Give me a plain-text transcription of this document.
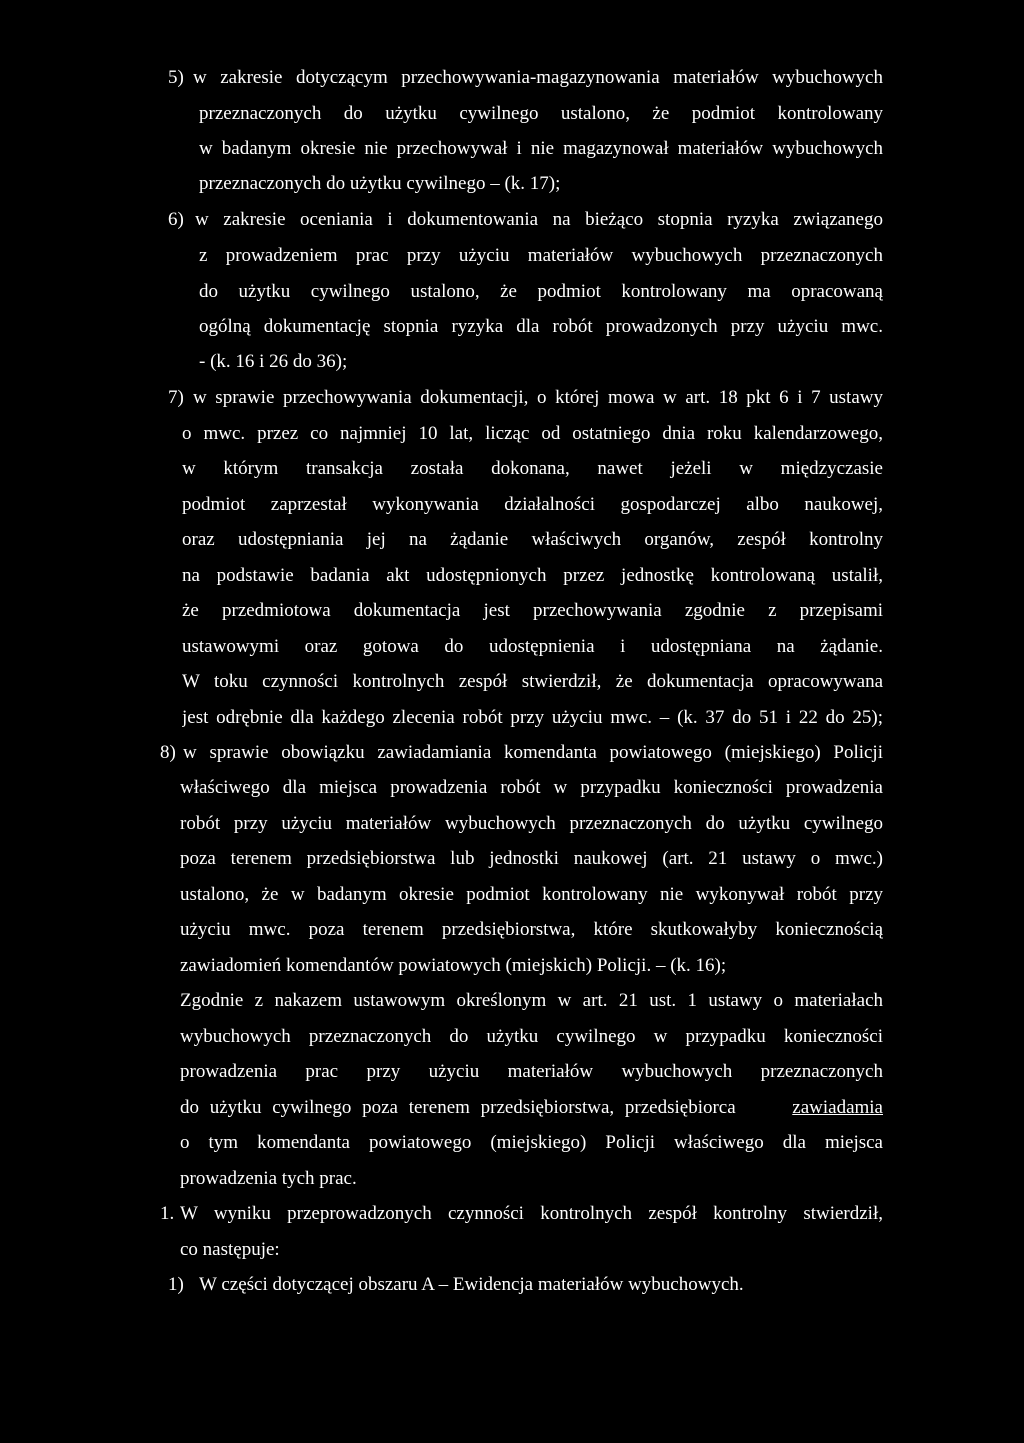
5) w zakresie dotyczącym przechowywania-magazynowania materiałów wybuchowych
przeznaczonych do użytku cywilnego ustalono, że podmiot kontrolowany
w badanym okresie nie przechowywał i nie magazynował materiałów wybuchowych
przeznaczonych do użytku cywilnego – (k. 17);
6) w zakresie oceniania i dokumentowania na bieżąco stopnia ryzyka związanego
z prowadzeniem prac przy użyciu materiałów wybuchowych przeznaczonych
do użytku cywilnego ustalono, że podmiot kontrolowany ma opracowaną
ogólną dokumentację stopnia ryzyka dla robót prowadzonych przy użyciu mwc.
- (k. 16 i 26 do 36);
7) w sprawie przechowywania dokumentacji, o której mowa w art. 18 pkt 6 i 7 ustawy
o mwc. przez co najmniej 10 lat, licząc od ostatniego dnia roku kalendarzowego,
w którym transakcja została dokonana, nawet jeżeli w międzyczasie
podmiot zaprzestał wykonywania działalności gospodarczej albo naukowej,
oraz udostępniania jej na żądanie właściwych organów, zespół kontrolny
na podstawie badania akt udostępnionych przez jednostkę kontrolowaną ustalił,
że przedmiotowa dokumentacja jest przechowywania zgodnie z przepisami
ustawowymi oraz gotowa do udostępnienia i udostępniana na żądanie.
W toku czynności kontrolnych zespół stwierdził, że dokumentacja opracowywana
jest odrębnie dla każdego zlecenia robót przy użyciu mwc. – (k. 37 do 51 i 22 do 25);
8) w sprawie obowiązku zawiadamiania komendanta powiatowego (miejskiego) Policji
właściwego dla miejsca prowadzenia robót w przypadku konieczności prowadzenia
robót przy użyciu materiałów wybuchowych przeznaczonych do użytku cywilnego
poza terenem przedsiębiorstwa lub jednostki naukowej (art. 21 ustawy o mwc.)
ustalono, że w badanym okresie podmiot kontrolowany nie wykonywał robót przy
użyciu mwc. poza terenem przedsiębiorstwa, które skutkowałyby koniecznością
zawiadomień komendantów powiatowych (miejskich) Policji. – (k. 16);
Zgodnie z nakazem ustawowym określonym w art. 21 ust. 1 ustawy o materiałach
wybuchowych przeznaczonych do użytku cywilnego w przypadku konieczności
prowadzenia prac przy użyciu materiałów wybuchowych przeznaczonych
do użytku cywilnego poza terenem przedsiębiorstwa, przedsiębiorca	zawiadamia
o tym komendanta powiatowego (miejskiego) Policji właściwego dla miejsca
prowadzenia tych prac.
1. W wyniku przeprowadzonych czynności kontrolnych zespół kontrolny stwierdził,
co następuje:
1) W części dotyczącej obszaru A – Ewidencja materiałów wybuchowych.
